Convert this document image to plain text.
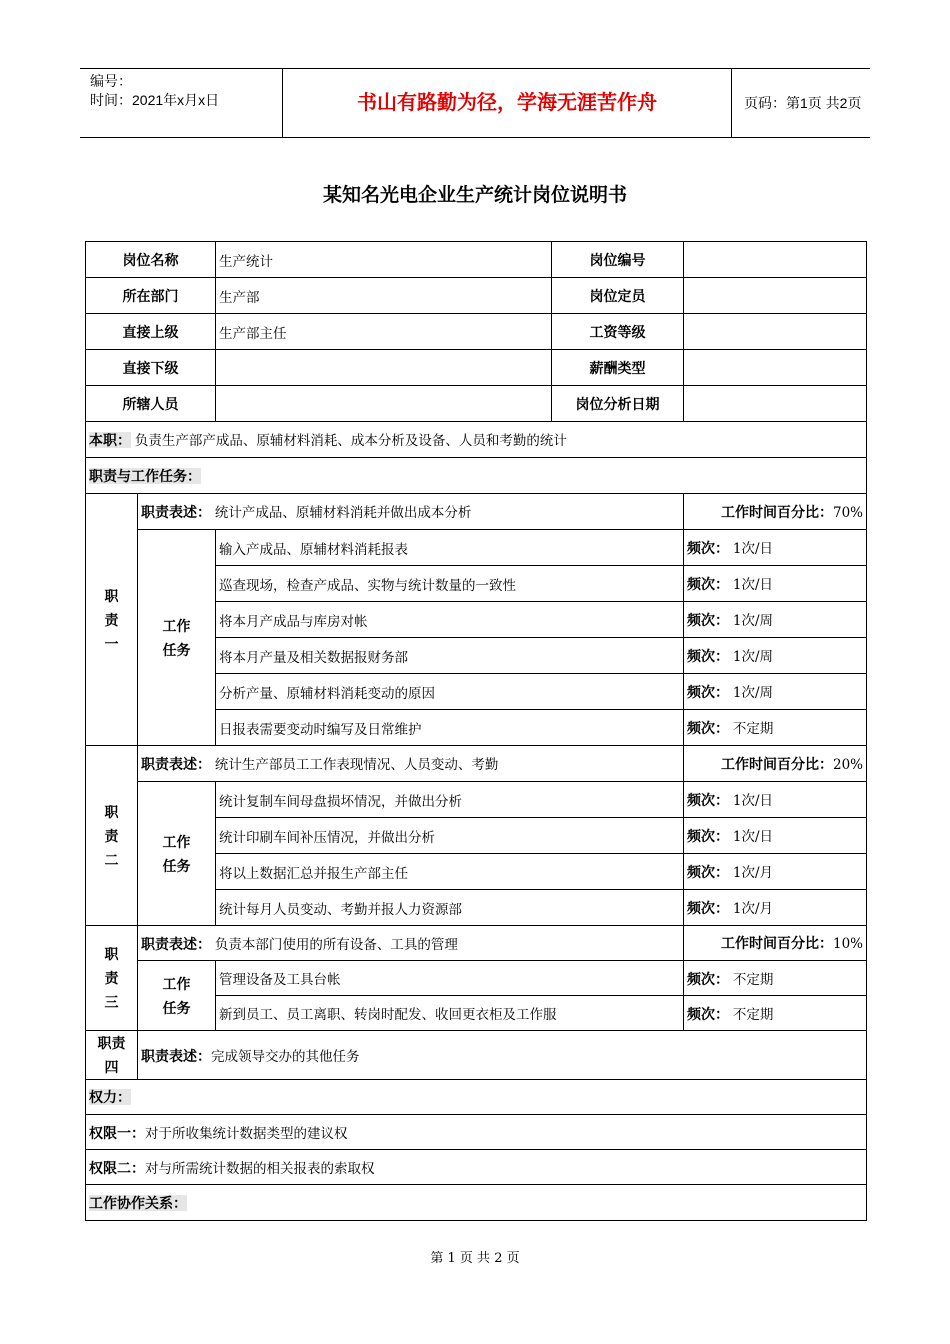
编号：
时间：2021年x月x日	书山有路勤为径，学海无涯苦作舟	页码：第1页 共2页
某知名光电企业生产统计岗位说明书
岗位名称		生产统计	岗位编号	
所在部门		生产部	岗位定员	
直接上级		生产部主任	工资等级	
直接下级			薪酬类型	
所辖人员			岗位分析日期	
本职： 负责生产部产成品、原辅材料消耗、成本分析及设备、人员和考勤的统计				
职责与工作任务：				
职责一	职责表述： 统计产成品、原辅材料消耗并做出成本分析			工作时间百分比：70%
	工作任务	输入产成品、原辅材料消耗报表		频次： 1次/日
		巡查现场，检查产成品、实物与统计数量的一致性		频次： 1次/日
		将本月产成品与库房对帐		频次： 1次/周
		将本月产量及相关数据报财务部		频次： 1次/周
		分析产量、原辅材料消耗变动的原因		频次： 1次/周
		日报表需要变动时编写及日常维护		频次： 不定期
职责二	职责表述： 统计生产部员工工作表现情况、人员变动、考勤			工作时间百分比：20%
	工作任务	统计复制车间母盘损坏情况，并做出分析		频次： 1次/日
		统计印刷车间补压情况，并做出分析		频次： 1次/日
		将以上数据汇总并报生产部主任		频次： 1次/月
		统计每月人员变动、考勤并报人力资源部		频次： 1次/月
职责三	职责表述： 负责本部门使用的所有设备、工具的管理			工作时间百分比：10%
	工作任务	管理设备及工具台帐		频次： 不定期
		新到员工、员工离职、转岗时配发、收回更衣柜及工作服		频次： 不定期
职责四	职责表述：完成领导交办的其他任务			
权力：				
权限一：对于所收集统计数据类型的建议权				
权限二：对与所需统计数据的相关报表的索取权				
工作协作关系：				
第 1 页 共 2 页
